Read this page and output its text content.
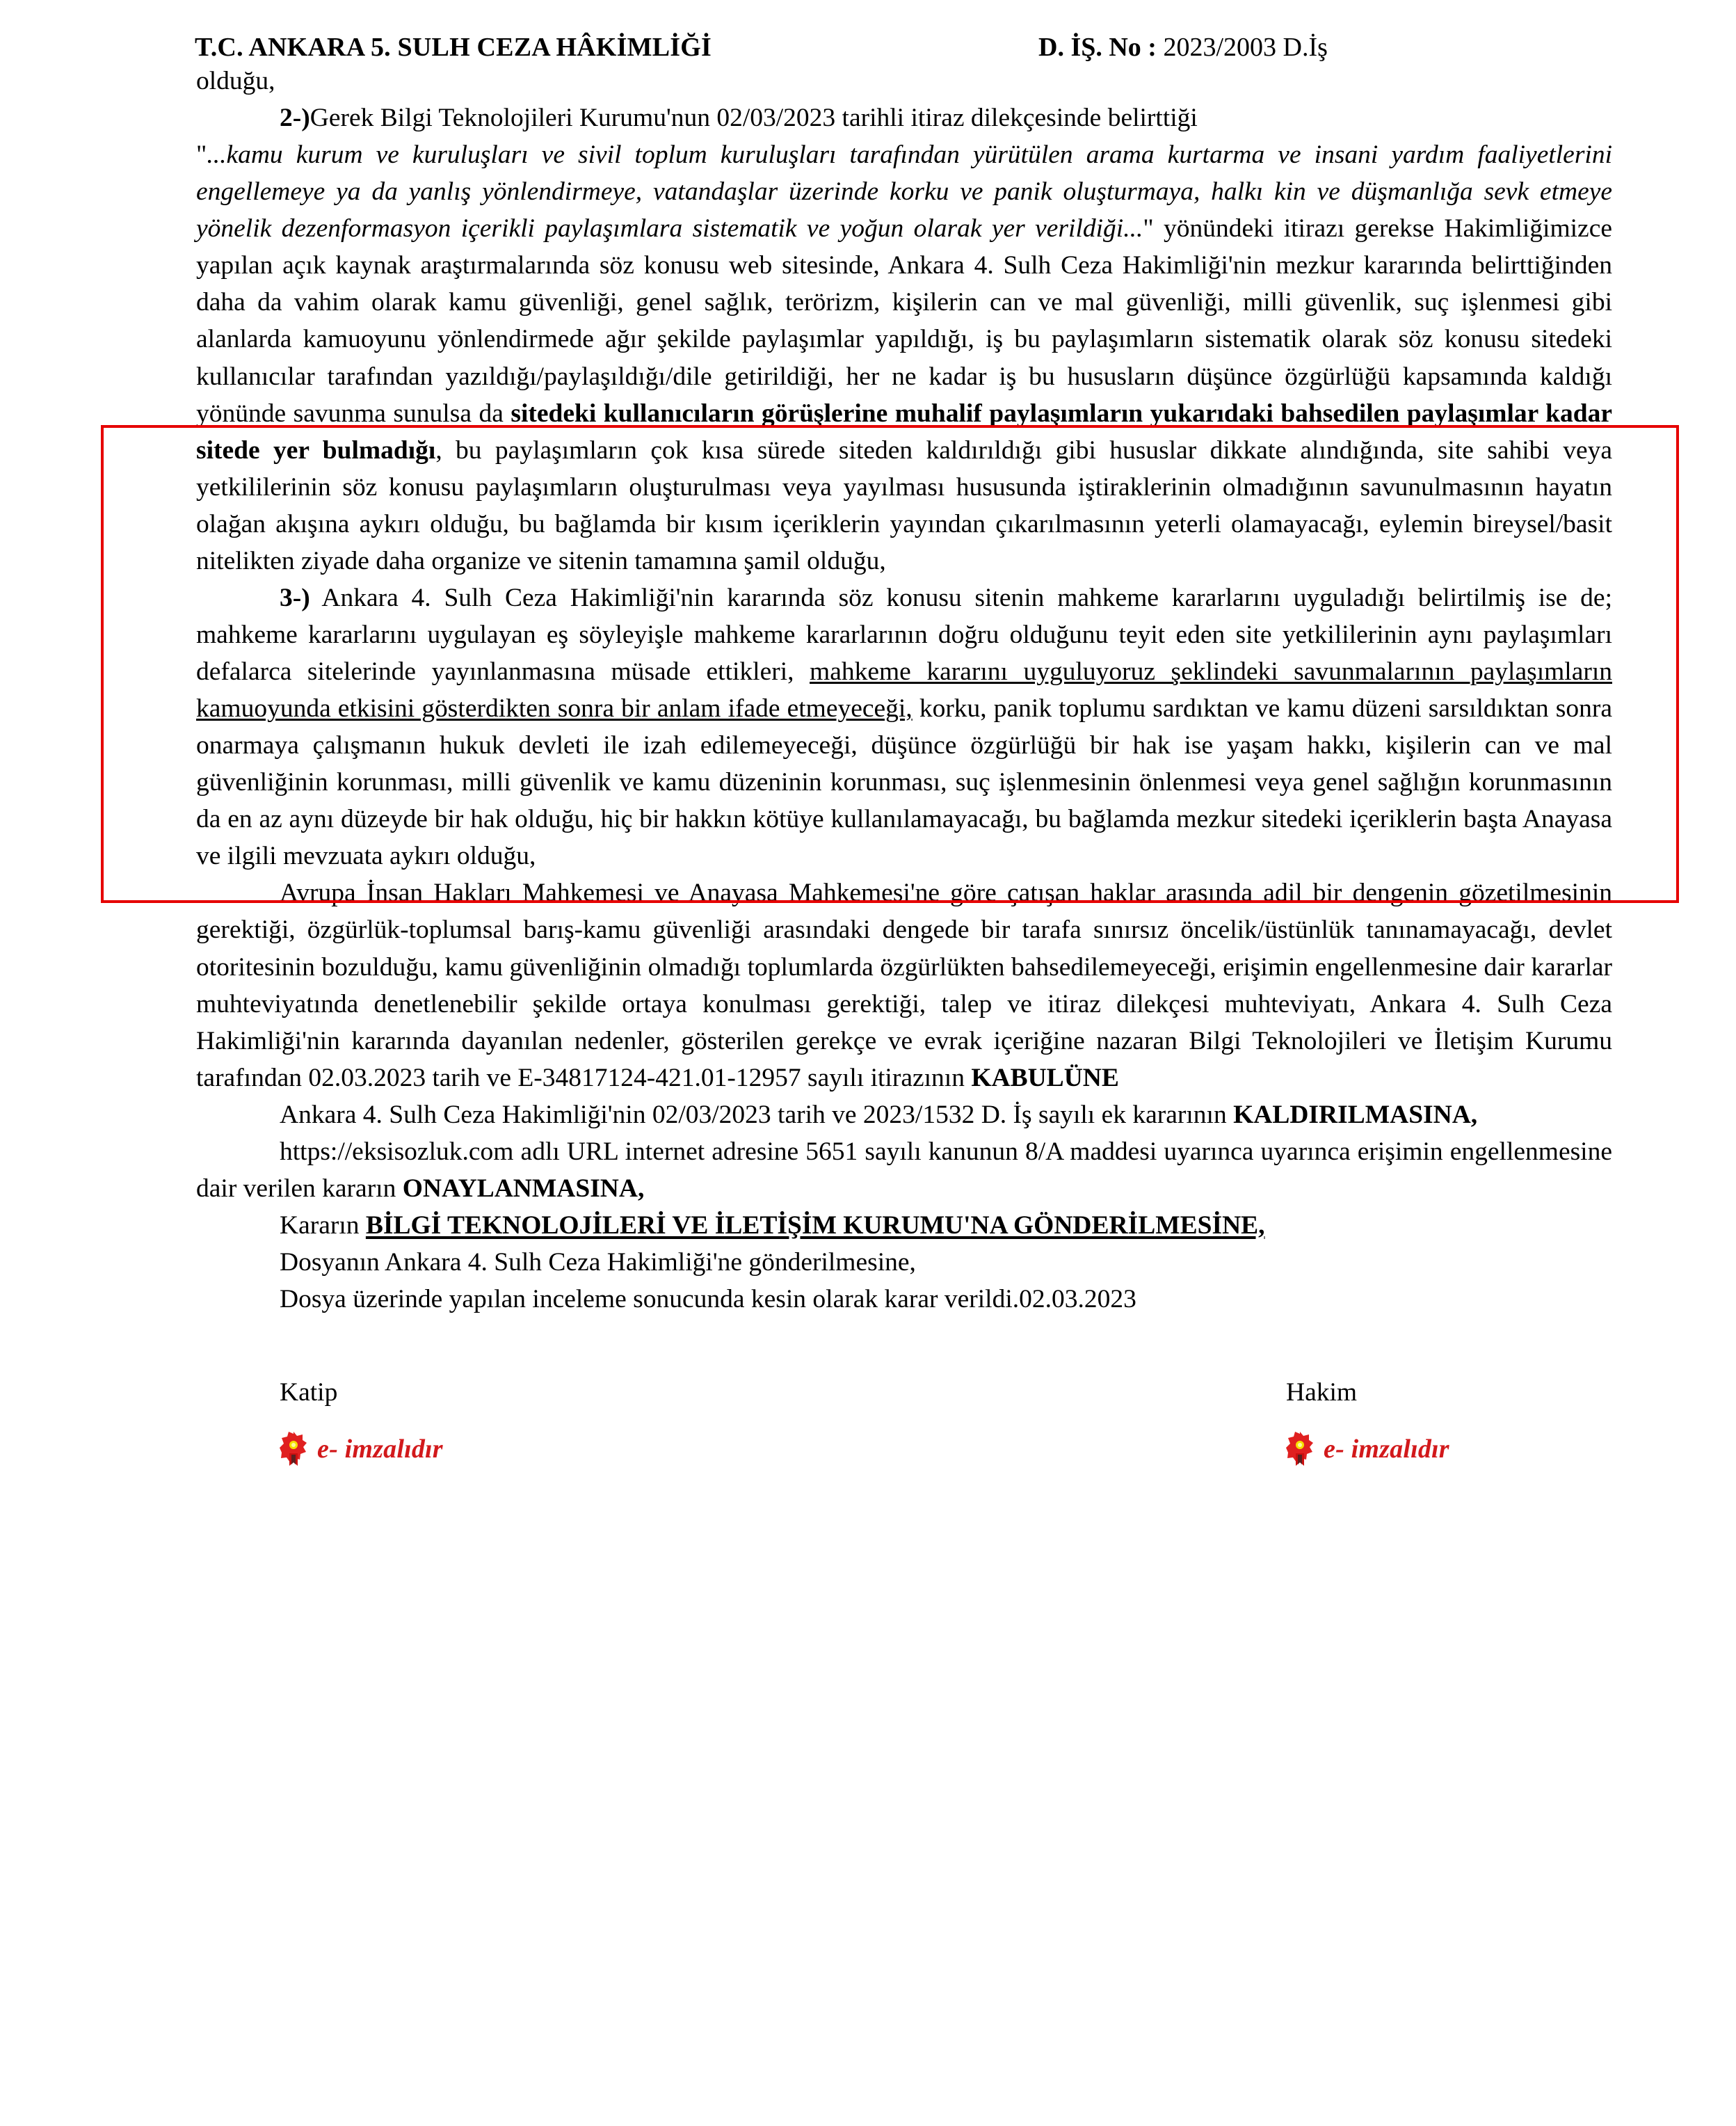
T.C. ANKARA 5. SULH CEZA HÂKİMLİĞİ	D. İŞ. No : 2023/2003 D.İş

olduğu,

2-)Gerek Bilgi Teknolojileri Kurumu'nun 02/03/2023 tarihli itiraz dilekçesinde belirttiği
"...kamu kurum ve kuruluşları ve sivil toplum kuruluşları tarafından yürütülen arama kurtarma ve insani yardım faaliyetlerini engellemeye ya da yanlış yönlendirmeye, vatandaşlar üzerinde korku ve panik oluşturmaya, halkı kin ve düşmanlığa sevk etmeye yönelik dezenformasyon içerikli paylaşımlara sistematik ve yoğun olarak yer verildiği..." yönündeki itirazı gerekse Hakimliğimizce yapılan açık kaynak araştırmalarında söz konusu web sitesinde, Ankara 4. Sulh Ceza Hakimliği'nin mezkur kararında belirttiğinden daha da vahim olarak kamu güvenliği, genel sağlık, terörizm, kişilerin can ve mal güvenliği, milli güvenlik, suç işlenmesi gibi alanlarda kamuoyunu yönlendirmede ağır şekilde paylaşımlar yapıldığı, iş bu paylaşımların sistematik olarak söz konusu sitedeki kullanıcılar tarafından yazıldığı/paylaşıldığı/dile getirildiği, her ne kadar iş bu hususların düşünce özgürlüğü kapsamında kaldığı yönünde savunma sunulsa da sitedeki kullanıcıların görüşlerine muhalif paylaşımların yukarıdaki bahsedilen paylaşımlar kadar sitede yer bulmadığı, bu paylaşımların çok kısa sürede siteden kaldırıldığı gibi hususlar dikkate alındığında, site sahibi veya yetkililerinin söz konusu paylaşımların oluşturulması veya yayılması hususunda iştiraklerinin olmadığının savunulmasının hayatın olağan akışına aykırı olduğu, bu bağlamda bir kısım içeriklerin yayından çıkarılmasının yeterli olamayacağı, eylemin bireysel/basit nitelikten ziyade daha organize ve sitenin tamamına şamil olduğu,

3-) Ankara 4. Sulh Ceza Hakimliği'nin kararında söz konusu sitenin mahkeme kararlarını uyguladığı belirtilmiş ise de; mahkeme kararlarını uygulayan eş söyleyişle mahkeme kararlarının doğru olduğunu teyit eden site yetkililerinin aynı paylaşımları defalarca sitelerinde yayınlanmasına müsade ettikleri, mahkeme kararını uyguluyoruz şeklindeki savunmalarının paylaşımların kamuoyunda etkisini gösterdikten sonra bir anlam ifade etmeyeceği, korku, panik toplumu sardıktan ve kamu düzeni sarsıldıktan sonra onarmaya çalışmanın hukuk devleti ile izah edilemeyeceği, düşünce özgürlüğü bir hak ise yaşam hakkı, kişilerin can ve mal güvenliğinin korunması, milli güvenlik ve kamu düzeninin korunması, suç işlenmesinin önlenmesi veya genel sağlığın korunmasının da en az aynı düzeyde bir hak olduğu, hiç bir hakkın kötüye kullanılamayacağı, bu bağlamda mezkur sitedeki içeriklerin başta Anayasa ve ilgili mevzuata aykırı olduğu,

Avrupa İnsan Hakları Mahkemesi ve Anayasa Mahkemesi'ne göre çatışan haklar arasında adil bir dengenin gözetilmesinin gerektiği, özgürlük-toplumsal barış-kamu güvenliği arasındaki dengede bir tarafa sınırsız öncelik/üstünlük tanınamayacağı, devlet otoritesinin bozulduğu, kamu güvenliğinin olmadığı toplumlarda özgürlükten bahsedilemeyeceği, erişimin engellenmesine dair kararlar muhteviyatında denetlenebilir şekilde ortaya konulması gerektiği, talep ve itiraz dilekçesi muhteviyatı, Ankara 4. Sulh Ceza Hakimliği'nin kararında dayanılan nedenler, gösterilen gerekçe ve evrak içeriğine nazaran Bilgi Teknolojileri ve İletişim Kurumu tarafından 02.03.2023 tarih ve E-34817124-421.01-12957 sayılı itirazının KABULÜNE

Ankara 4. Sulh Ceza Hakimliği'nin 02/03/2023 tarih ve 2023/1532 D. İş sayılı ek kararının KALDIRILMASINA,

https://eksisozluk.com adlı URL internet adresine 5651 sayılı kanunun 8/A maddesi uyarınca uyarınca erişimin engellenmesine dair verilen kararın ONAYLANMASINA,

Kararın BİLGİ TEKNOLOJİLERİ VE İLETİŞİM KURUMU'NA GÖNDERİLMESİNE,

Dosyanın Ankara 4. Sulh Ceza Hakimliği'ne gönderilmesine,

Dosya üzerinde yapılan inceleme sonucunda kesin olarak karar verildi.02.03.2023

Katip
e- imzalıdır
Hakim
e- imzalıdır
